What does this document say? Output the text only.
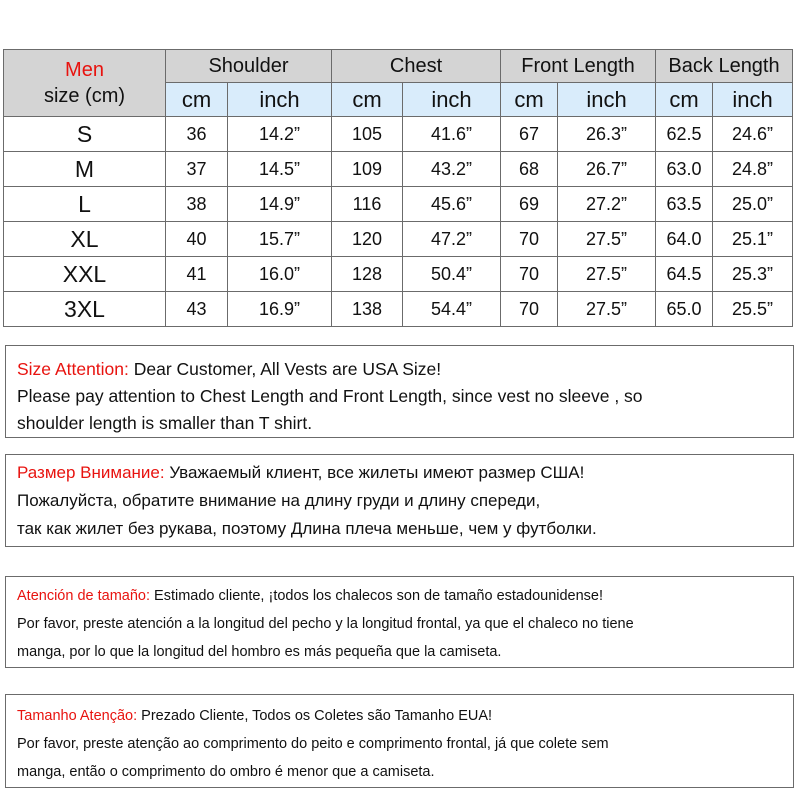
Men
size (cm)	Shoulder		Chest		Front Length		Back Length	
	cm	inch	cm	inch	cm	inch	cm	inch
S	36	14.2”	105	41.6”	67	26.3”	62.5	24.6”
M	37	14.5”	109	43.2”	68	26.7”	63.0	24.8”
L	38	14.9”	116	45.6”	69	27.2”	63.5	25.0”
XL	40	15.7”	120	47.2”	70	27.5”	64.0	25.1”
XXL	41	16.0”	128	50.4”	70	27.5”	64.5	25.3”
3XL	43	16.9”	138	54.4”	70	27.5”	65.0	25.5”

Size Attention: Dear Customer, All Vests are USA Size!

Please pay attention to Chest Length and Front Length, since vest no sleeve , so

shoulder length is smaller than T shirt.

Размер Внимание: Уважаемый клиент, все жилеты имеют размер США!

Пожалуйста, обратите внимание на длину груди и длину спереди,

так как жилет без рукава, поэтому Длина плеча меньше, чем у футболки.

Atención de tamaño: Estimado cliente, ¡todos los chalecos son de tamaño estadounidense!

Por favor, preste atención a la longitud del pecho y la longitud frontal, ya que el chaleco no tiene

manga, por lo que la longitud del hombro es más pequeña que la camiseta.

Tamanho Atenção: Prezado Cliente, Todos os Coletes são Tamanho EUA!

Por favor, preste atenção ao comprimento do peito e comprimento frontal, já que colete sem

manga, então o comprimento do ombro é menor que a camiseta.
